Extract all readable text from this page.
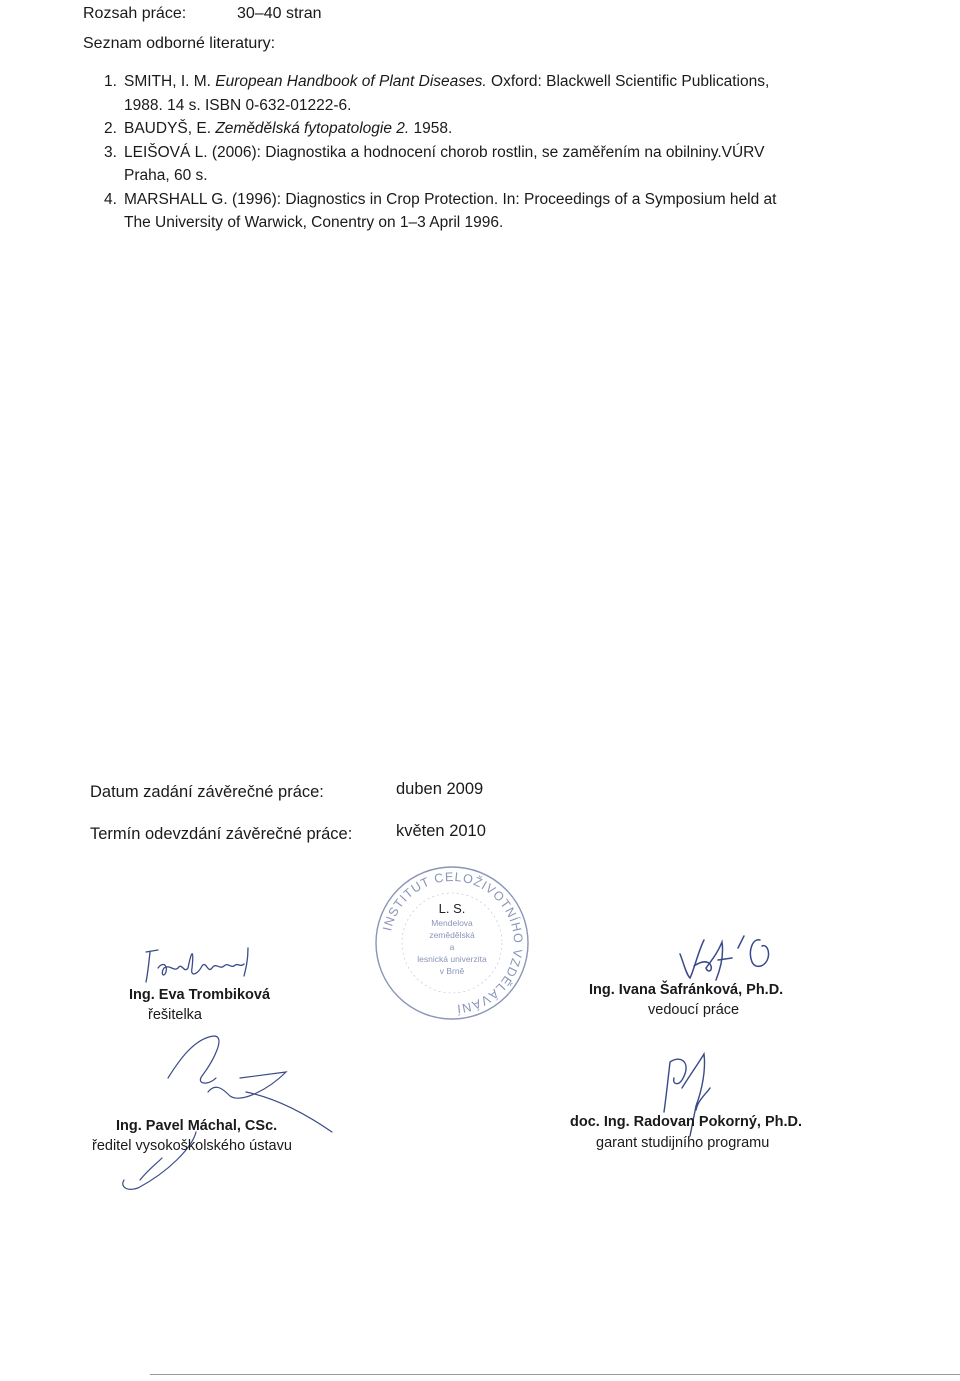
Rozsah práce:	30–40 stran
Seznam odborné literatury:
1. SMITH, I. M. European Handbook of Plant Diseases. Oxford: Blackwell Scientific Publications, 1988. 14 s. ISBN 0-632-01222-6.
2. BAUDYŠ, E. Zemědělská fytopatologie 2. 1958.
3. LEIŠOVÁ L. (2006): Diagnostika a hodnocení chorob rostlin, se zaměřením na obilniny.VÚRV Praha, 60 s.
4. MARSHALL G. (1996): Diagnostics in Crop Protection. In: Proceedings of a Symposium held at The University of Warwick, Conentry on 1–3 April 1996.
Datum zadání závěrečné práce:	duben 2009
Termín odevzdání závěrečné práce:	květen 2010
INSTITUT CELOŽIVOTNÍHO VZDĚLÁVÁNÍ
L. S.
Mendelova
zemědělská
a
lesnická univerzita
v Brně
Ing. Eva Trombiková
řešitelka
Ing. Ivana Šafránková, Ph.D.
vedoucí práce
Ing. Pavel Máchal, CSc.
ředitel vysokoškolského ústavu
doc. Ing. Radovan Pokorný, Ph.D.
garant studijního programu
